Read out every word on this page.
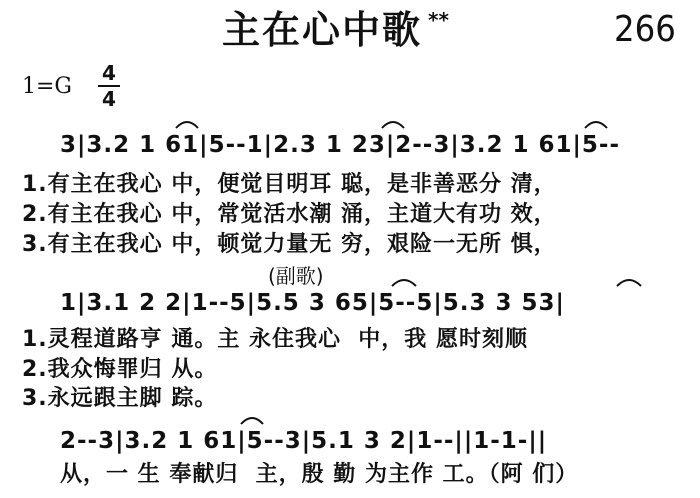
主在心中歌 **	266
1=G
4
4
3|3.2 1 61|5--1|2.3 1 23|2--3|3.2 1 61|5--
1.有主在我心 中，便觉目明耳 聪，是非善恶分 清，
2.有主在我心 中，常觉活水潮 涌，主道大有功 效，
3.有主在我心 中，顿觉力量无 穷，艰险一无所 惧，
(副歌)
1|3.1 2 2|1--5|5.5 3 65|5--5|5.3 3 53|
1.灵程道路亨 通。主 永住我心  中，我 愿时刻顺
2.我众悔罪归 从。
3.永远跟主脚 踪。
2--3|3.2 1 61|5--3|5.1 3 2|1--||1-1-||
从，一 生 奉献归  主，殷 勤 为主作 工。（阿 们）
